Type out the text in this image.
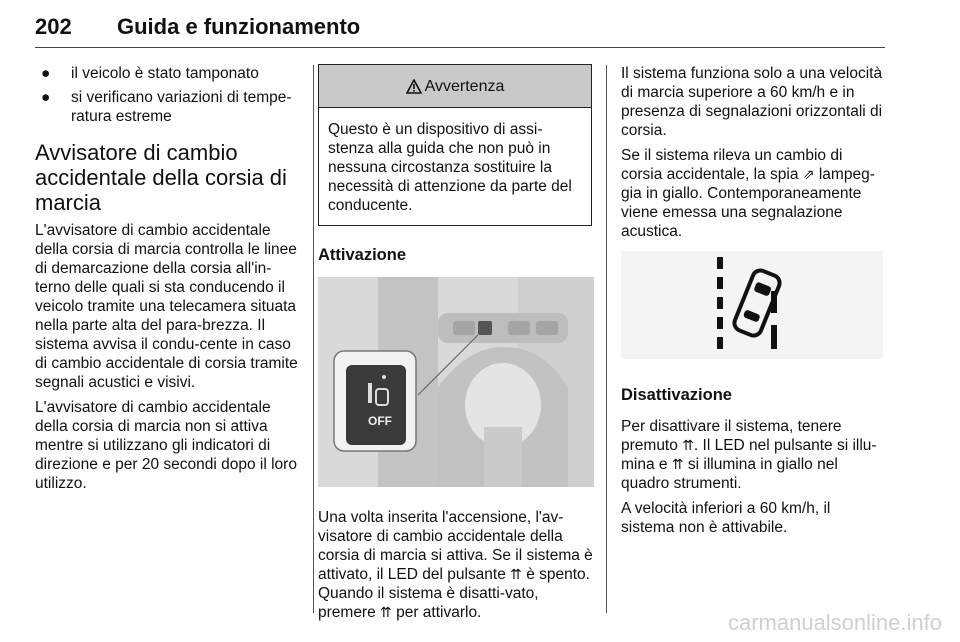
202 Guida e funzionamento
●	il veicolo è stato tamponato
●	si verificano variazioni di tempe-ratura estreme
Avvisatore di cambio accidentale della corsia di marcia

L'avvisatore di cambio accidentale della corsia di marcia controlla le linee di demarcazione della corsia all'in-terno delle quali si sta conducendo il veicolo tramite una telecamera situata nella parte alta del para-brezza. Il sistema avvisa il condu-cente in caso di cambio accidentale di corsia tramite segnali acustici e visivi.

L'avvisatore di cambio accidentale della corsia di marcia non si attiva mentre si utilizzano gli indicatori di direzione e per 20 secondi dopo il loro utilizzo.

Avvertenza
Questo è un dispositivo di assi-stenza alla guida che non può in nessuna circostanza sostituire la necessità di attenzione da parte del conducente.
Attivazione
OFF

Una volta inserita l'accensione, l'av-visatore di cambio accidentale della corsia di marcia si attiva. Se il sistema è attivato, il LED del pulsante ⇈ è spento. Quando il sistema è disatti-vato, premere ⇈ per attivarlo.

Il sistema funziona solo a una velocità di marcia superiore a 60 km/h e in presenza di segnalazioni orizzontali di corsia.

Se il sistema rileva un cambio di corsia accidentale, la spia ⇗ lampeg-gia in giallo. Contemporaneamente viene emessa una segnalazione acustica.

Disattivazione

Per disattivare il sistema, tenere premuto ⇈. Il LED nel pulsante si illu-mina e ⇈ si illumina in giallo nel quadro strumenti.

A velocità inferiori a 60 km/h, il sistema non è attivabile.

carmanualsonline.info
